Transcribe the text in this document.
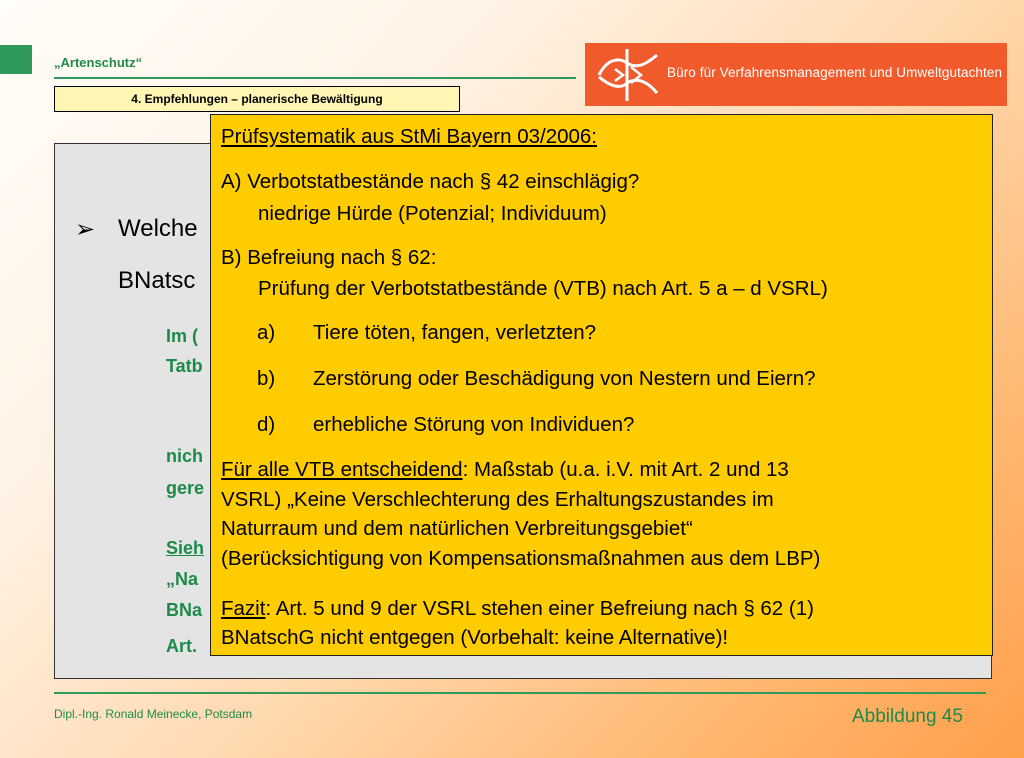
„Artenschutz“
Büro für Verfahrensmanagement und Umweltgutachten
4. Empfehlungen – planerische Bewältigung
➢ Welche
BNatsc
Im (
Tatb
nich
gere
Sieh
„Na
BNa
Art.
Prüfsystematik aus StMi Bayern 03/2006:
A) Verbotstatbestände nach § 42 einschlägig?
niedrige Hürde (Potenzial; Individuum)
B) Befreiung nach § 62:
Prüfung der Verbotstatbestände (VTB) nach Art. 5 a – d VSRL)
a) Tiere töten, fangen, verletzten?
b) Zerstörung oder Beschädigung von Nestern und Eiern?
d) erhebliche Störung von Individuen?
Für alle VTB entscheidend: Maßstab (u.a. i.V. mit Art. 2 und 13
VSRL) „Keine Verschlechterung des Erhaltungszustandes im
Naturraum und dem natürlichen Verbreitungsgebiet“
(Berücksichtigung von Kompensationsmaßnahmen aus dem LBP)
Fazit: Art. 5 und 9 der VSRL stehen einer Befreiung nach § 62 (1)
BNatschG nicht entgegen (Vorbehalt: keine Alternative)!
Dipl.-Ing. Ronald Meinecke, Potsdam	Abbildung 45
